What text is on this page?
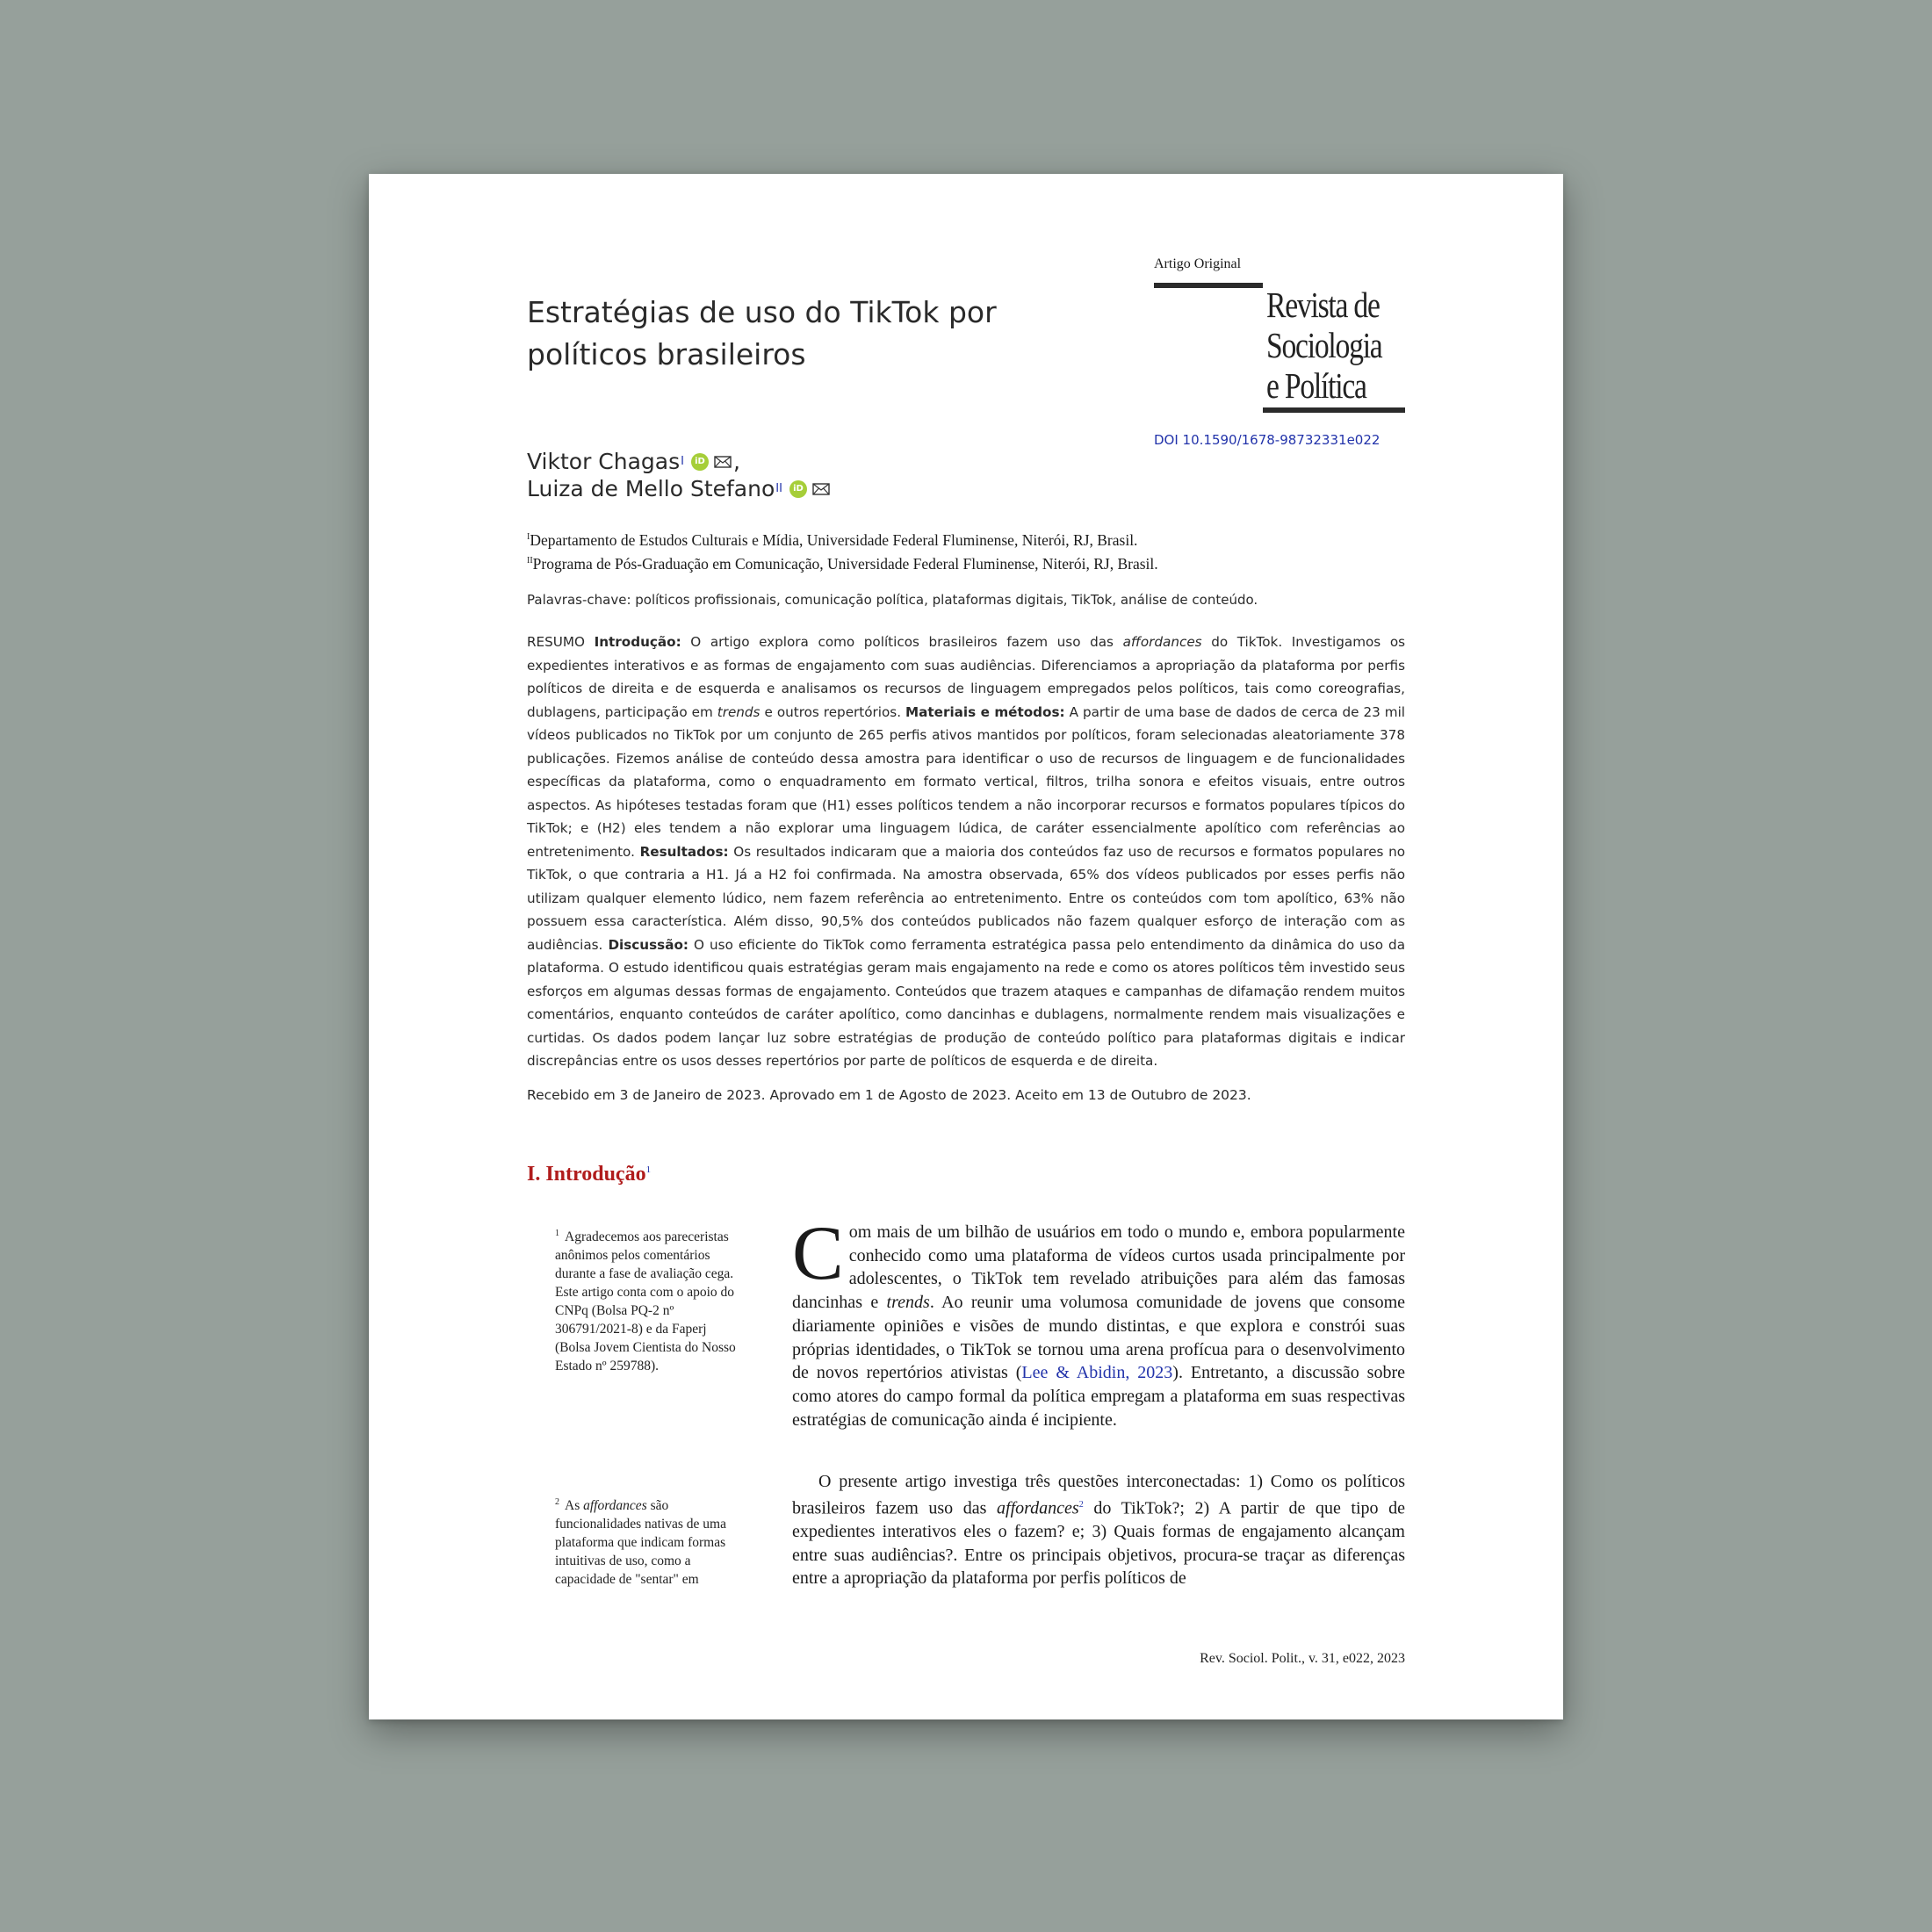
Artigo Original
Revista de
Sociologia
e Política
DOI 10.1590/1678-98732331e022
Estratégias de uso do TikTok por políticos brasileiros
Viktor Chagas I	iD ,
Luiza de Mello Stefano II	iD
$^I$Departamento de Estudos Culturais e Mídia, Universidade Federal Fluminense, Niterói, RJ, Brasil.
$^{II}$Programa de Pós-Graduação em Comunicação, Universidade Federal Fluminense, Niterói, RJ, Brasil.
Palavras-chave: políticos profissionais, comunicação política, plataformas digitais, TikTok, análise de conteúdo.

RESUMO Introdução: O artigo explora como políticos brasileiros fazem uso das affordances do TikTok. Investigamos os expedientes interativos e as formas de engajamento com suas audiências. Diferenciamos a apropriação da plataforma por perfis políticos de direita e de esquerda e analisamos os recursos de linguagem empregados pelos políticos, tais como coreografias, dublagens, participação em trends e outros repertórios. Materiais e métodos: A partir de uma base de dados de cerca de 23 mil vídeos publicados no TikTok por um conjunto de 265 perfis ativos mantidos por políticos, foram selecionadas aleatoriamente 378 publicações. Fizemos análise de conteúdo dessa amostra para identificar o uso de recursos de linguagem e de funcionalidades específicas da plataforma, como o enquadramento em formato vertical, filtros, trilha sonora e efeitos visuais, entre outros aspectos. As hipóteses testadas foram que (H1) esses políticos tendem a não incorporar recursos e formatos populares típicos do TikTok; e (H2) eles tendem a não explorar uma linguagem lúdica, de caráter essencialmente apolítico com referências ao entretenimento. Resultados: Os resultados indicaram que a maioria dos conteúdos faz uso de recursos e formatos populares no TikTok, o que contraria a H1. Já a H2 foi confirmada. Na amostra observada, 65% dos vídeos publicados por esses perfis não utilizam qualquer elemento lúdico, nem fazem referência ao entretenimento. Entre os conteúdos com tom apolítico, 63% não possuem essa característica. Além disso, 90,5% dos conteúdos publicados não fazem qualquer esforço de interação com as audiências. Discussão: O uso eficiente do TikTok como ferramenta estratégica passa pelo entendimento da dinâmica do uso da plataforma. O estudo identificou quais estratégias geram mais engajamento na rede e como os atores políticos têm investido seus esforços em algumas dessas formas de engajamento. Conteúdos que trazem ataques e campanhas de difamação rendem muitos comentários, enquanto conteúdos de caráter apolítico, como dancinhas e dublagens, normalmente rendem mais visualizações e curtidas. Os dados podem lançar luz sobre estratégias de produção de conteúdo político para plataformas digitais e indicar discrepâncias entre os usos desses repertórios por parte de políticos de esquerda e de direita.

Recebido em 3 de Janeiro de 2023. Aprovado em 1 de Agosto de 2023. Aceito em 13 de Outubro de 2023.
I. Introdução$^1$
$^1$ Agradecemos aos pareceristas anônimos pelos comentários durante a fase de avaliação cega. Este artigo conta com o apoio do CNPq (Bolsa PQ-2 nº 306791/2021-8) e da Faperj (Bolsa Jovem Cientista do Nosso Estado nº 259788).
$^2$ As affordances são funcionalidades nativas de uma plataforma que indicam formas intuitivas de uso, como a capacidade de "sentar" em

Com mais de um bilhão de usuários em todo o mundo e, embora popularmente conhecido como uma plataforma de vídeos curtos usada principalmente por adolescentes, o TikTok tem revelado atribuições para além das famosas dancinhas e trends. Ao reunir uma volumosa comunidade de jovens que consome diariamente opiniões e visões de mundo distintas, e que explora e constrói suas próprias identidades, o TikTok se tornou uma arena profícua para o desenvolvimento de novos repertórios ativistas (Lee & Abidin, 2023). Entretanto, a discussão sobre como atores do campo formal da política empregam a plataforma em suas respectivas estratégias de comunicação ainda é incipiente.

O presente artigo investiga três questões interconectadas: 1) Como os políticos brasileiros fazem uso das affordances$^2$ do TikTok?; 2) A partir de que tipo de expedientes interativos eles o fazem? e; 3) Quais formas de engajamento alcançam entre suas audiências?. Entre os principais objetivos, procura-se traçar as diferenças entre a apropriação da plataforma por perfis políticos de

Rev. Sociol. Polit., v. 31, e022, 2023
